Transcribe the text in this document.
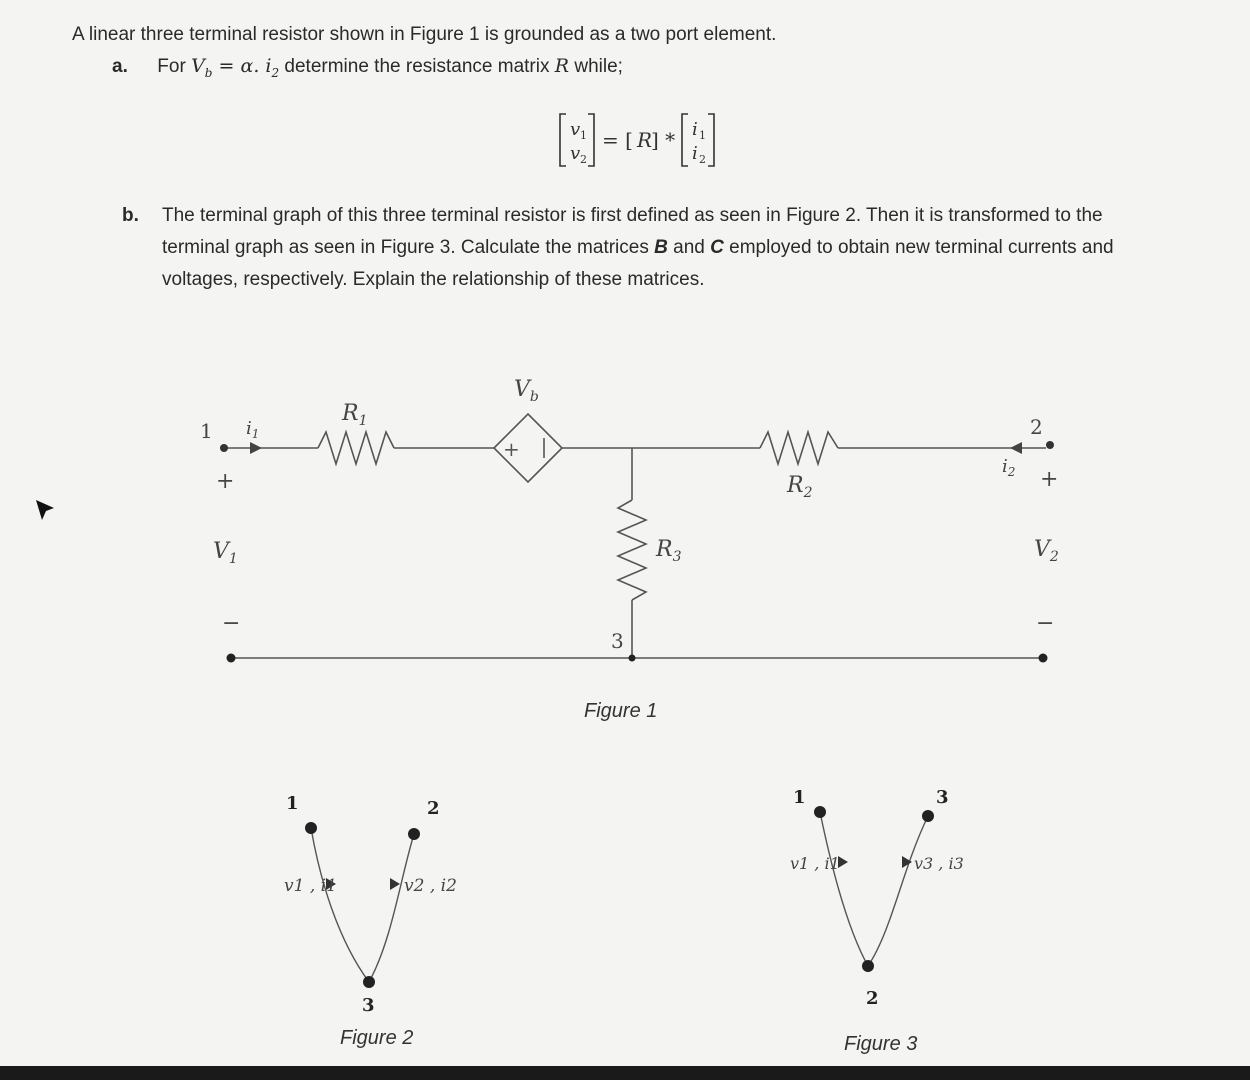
A linear three terminal resistor shown in Figure 1 is grounded as a two port element.
a. For $V_b = \alpha$. $i_2$ determine the resistance matrix R while;
v 1
v 2
= [ R
] * i 1
i 2
b.	The terminal graph of this three terminal resistor is first defined as seen in Figure 2. Then it is transformed to the terminal graph as seen in Figure 3. Calculate the matrices B and C employed to obtain new terminal currents and voltages, respectively. Explain the relationship of these matrices.
+
$V_b$
$R_1$
$R_2$
$R_3$
3
1 $i_1$	2
$i_2$
+	+
$V_1$	$V_2$
−	−
Figure 1
1	2
3
v1 , i1	v2 , i2
Figure 2
1	3
2
v1 , i1	v3 , i3
Figure 3
